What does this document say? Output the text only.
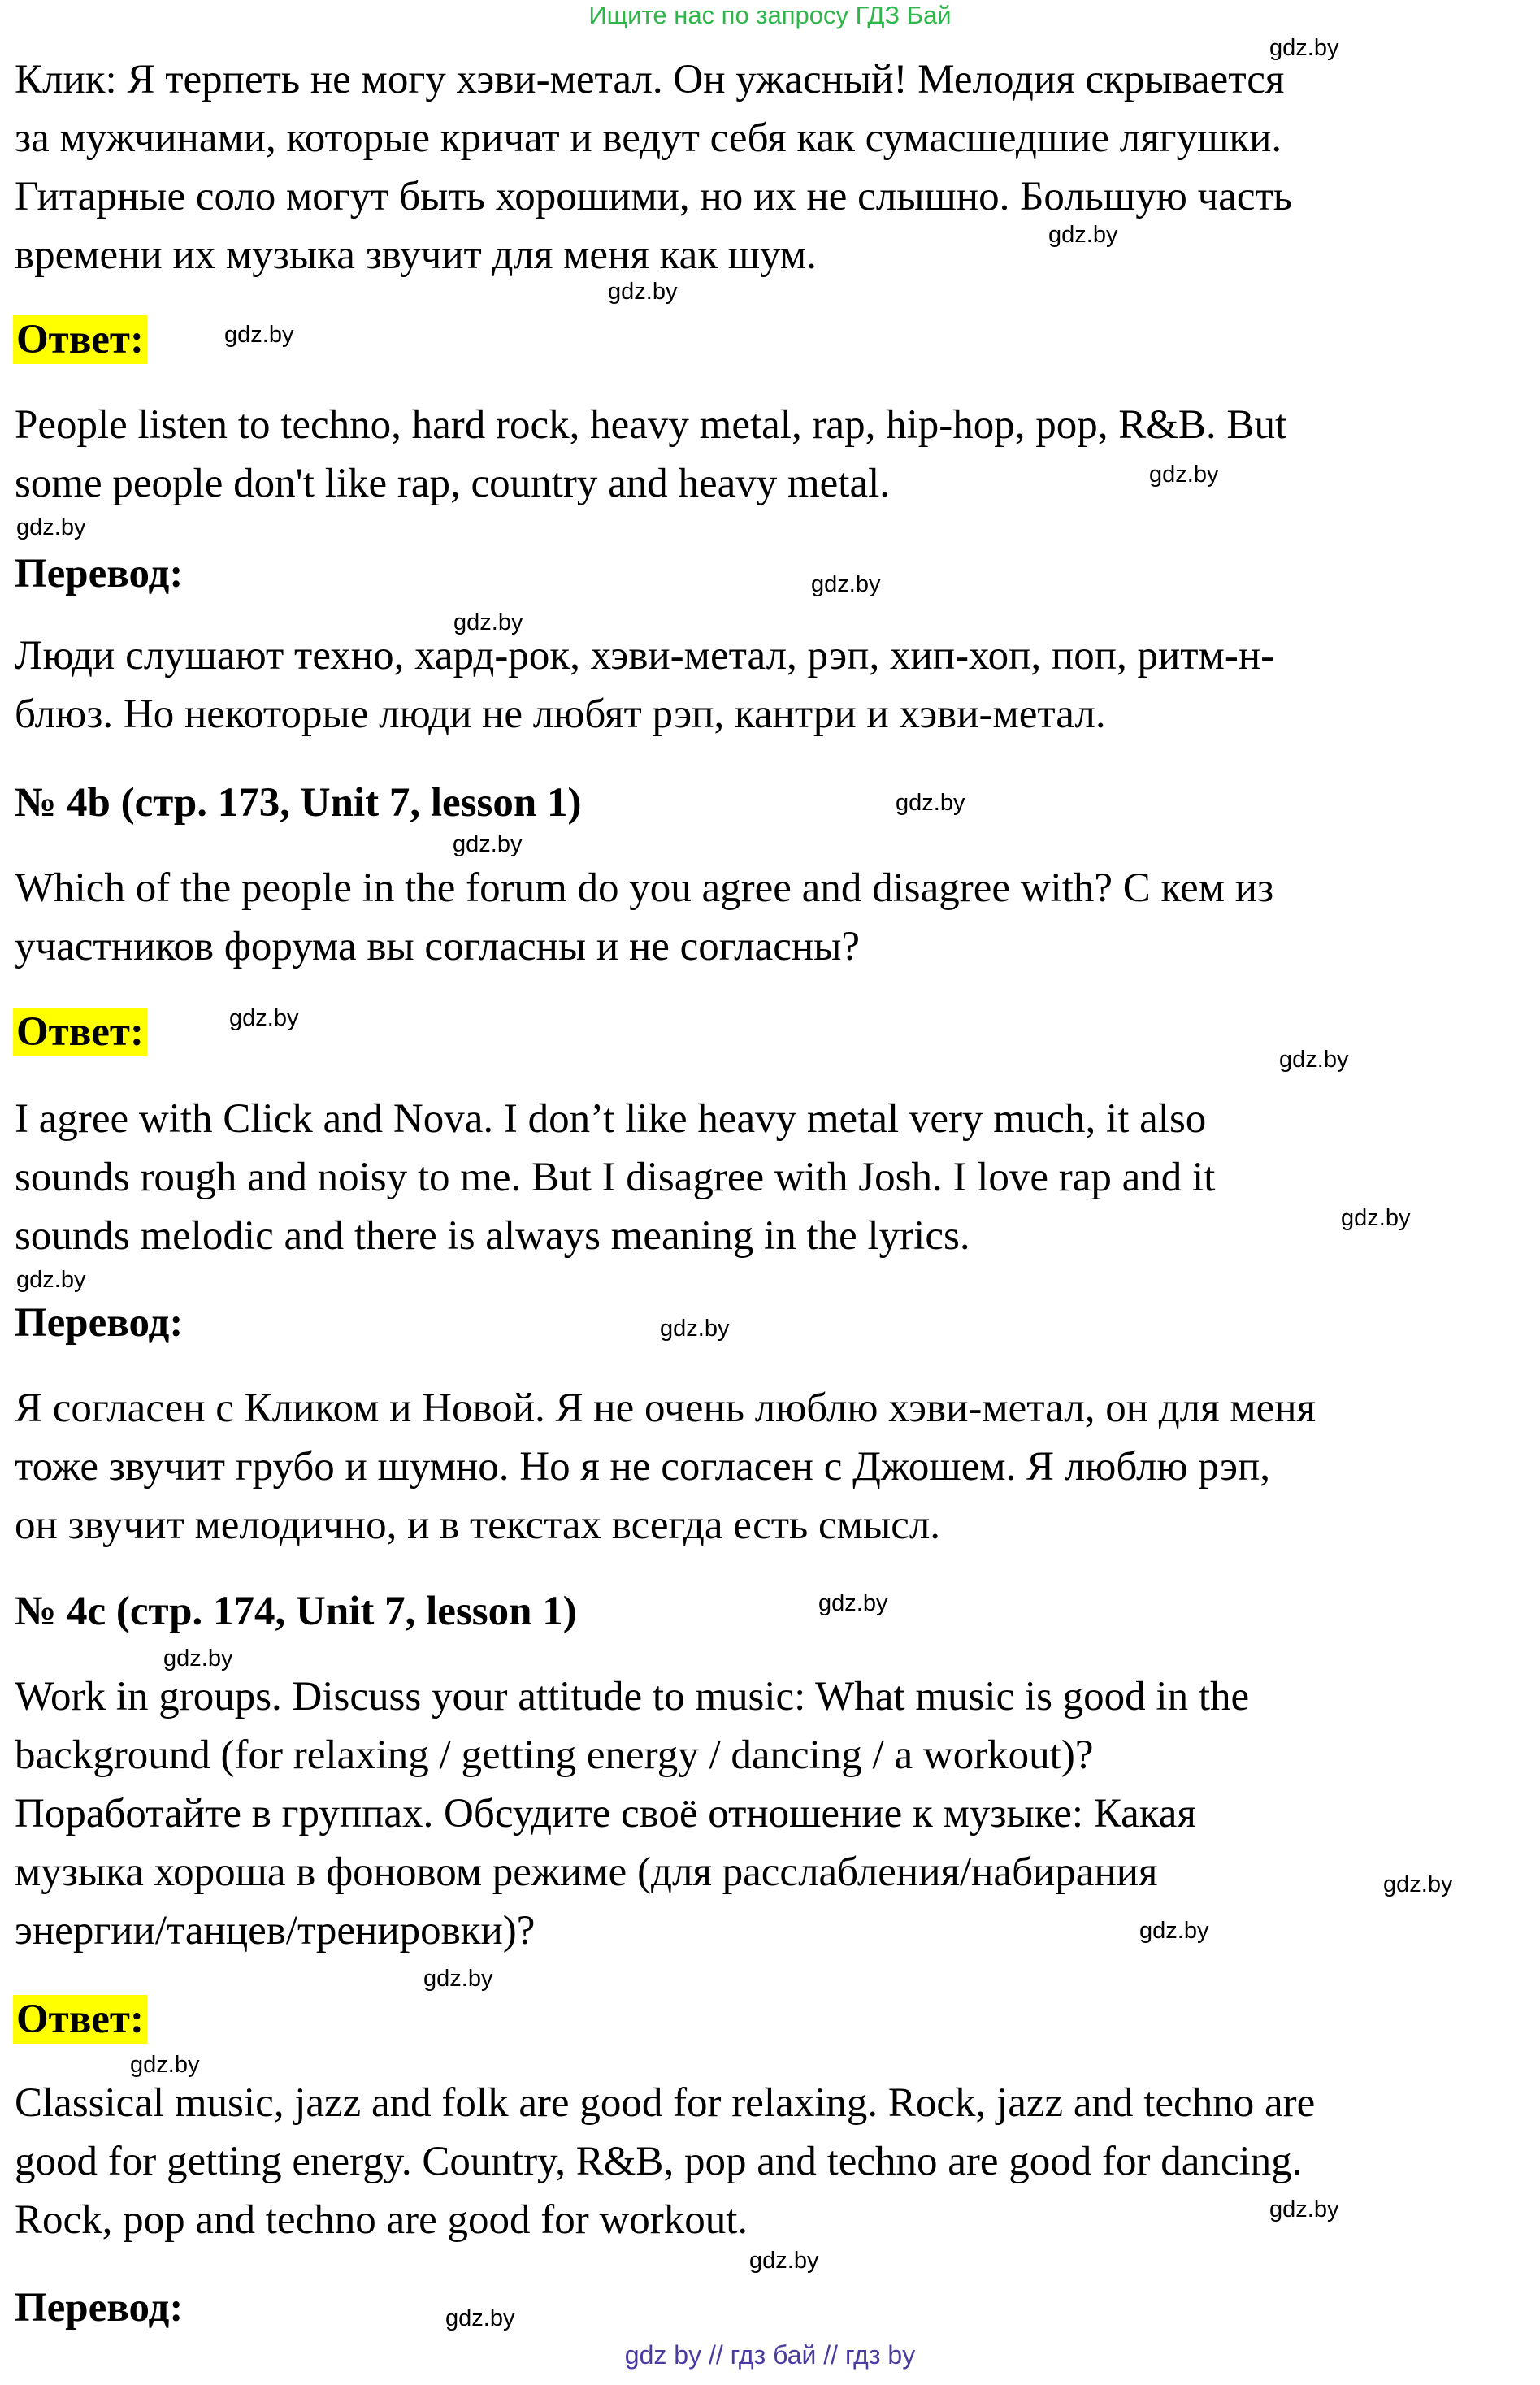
Ищите нас по запросу ГДЗ Бай
Клик: Я терпеть не могу хэви-метал. Он ужасный! Мелодия скрывается
за мужчинами, которые кричат и ведут себя как сумасшедшие лягушки.
Гитарные соло могут быть хорошими, но их не слышно. Большую часть
времени их музыка звучит для меня как шум.
Ответ:
People listen to techno, hard rock, heavy metal, rap, hip-hop, pop, R&B. But
some people don't like rap, country and heavy metal.
Перевод:
Люди слушают техно, хард-рок, хэви-метал, рэп, хип-хоп, поп, ритм-н-
блюз. Но некоторые люди не любят рэп, кантри и хэви-метал.
№ 4b (стр. 173, Unit 7, lesson 1)
Which of the people in the forum do you agree and disagree with? С кем из
участников форума вы согласны и не согласны?
Ответ:
I agree with Click and Nova. I don’t like heavy metal very much, it also
sounds rough and noisy to me. But I disagree with Josh. I love rap and it
sounds melodic and there is always meaning in the lyrics.
Перевод:
Я согласен с Кликом и Новой. Я не очень люблю хэви-метал, он для меня
тоже звучит грубо и шумно. Но я не согласен с Джошем. Я люблю рэп,
он звучит мелодично, и в текстах всегда есть смысл.
№ 4c (стр. 174, Unit 7, lesson 1)
Work in groups. Discuss your attitude to music: What music is good in the
background (for relaxing / getting energy / dancing / a workout)?
Поработайте в группах. Обсудите своё отношение к музыке: Какая
музыка хороша в фоновом режиме (для расслабления/набирания
энергии/танцев/тренировки)?
Ответ:
Classical music, jazz and folk are good for relaxing. Rock, jazz and techno are
good for getting energy. Country, R&B, pop and techno are good for dancing.
Rock, pop and techno are good for workout.
Перевод:
gdz.by
gdz.by
gdz.by
gdz.by
gdz.by
gdz.by
gdz.by
gdz.by
gdz.by
gdz.by
gdz.by
gdz.by
gdz.by
gdz.by
gdz.by
gdz.by
gdz.by
gdz.by
gdz.by
gdz.by
gdz.by
gdz.by
gdz.by
gdz.by
gdz by // гдз бай // гдз by
